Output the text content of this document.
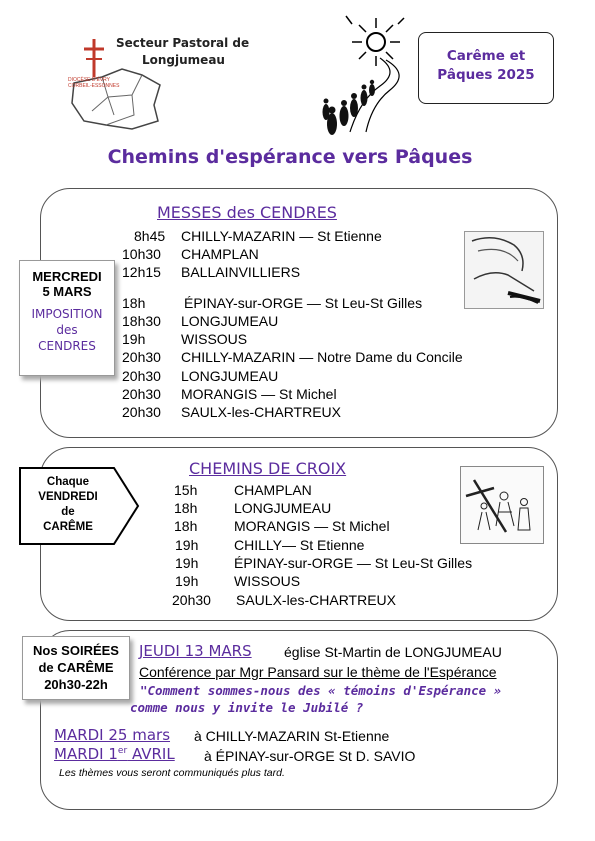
Secteur Pastoral de
Longjumeau
DIOCÈSE D'ÉVRY CORBEIL-ESSONNES
Carême et
Pâques 2025
Chemins d'espérance vers Pâques
MESSES des CENDRES
8h45 CHILLY-MAZARIN — St Etienne
10h30 CHAMPLAN
12h15 BALLAINVILLIERS
18h	ÉPINAY-sur-ORGE — St Leu-St Gilles
18h30 LONGJUMEAU
19h	WISSOUS
20h30 CHILLY-MAZARIN — Notre Dame du Concile
20h30 LONGJUMEAU
20h30 MORANGIS — St Michel
20h30 SAULX-les-CHARTREUX
MERCREDI
5 MARS
IMPOSITION
des
CENDRES
CHEMINS DE CROIX
15h	CHAMPLAN
18h	LONGJUMEAU
18h	MORANGIS — St Michel
19h	CHILLY— St Etienne
19h	ÉPINAY-sur-ORGE — St Leu-St Gilles
19h	WISSOUS
20h30 SAULX-les-CHARTREUX
Chaque
VENDREDI
de
CARÊME
Nos SOIRÉES
de CARÊME
20h30-22h
JEUDI 13 MARS église St-Martin de LONGJUMEAU
Conférence par Mgr Pansard sur le thème de l'Espérance
"Comment sommes-nous des « témoins d'Espérance »
comme nous y invite le Jubilé ?
MARDI 25 mars à CHILLY-MAZARIN St-Etienne
MARDI 1er AVRIL à ÉPINAY-sur-ORGE St D. SAVIO
Les thèmes vous seront communiqués plus tard.
